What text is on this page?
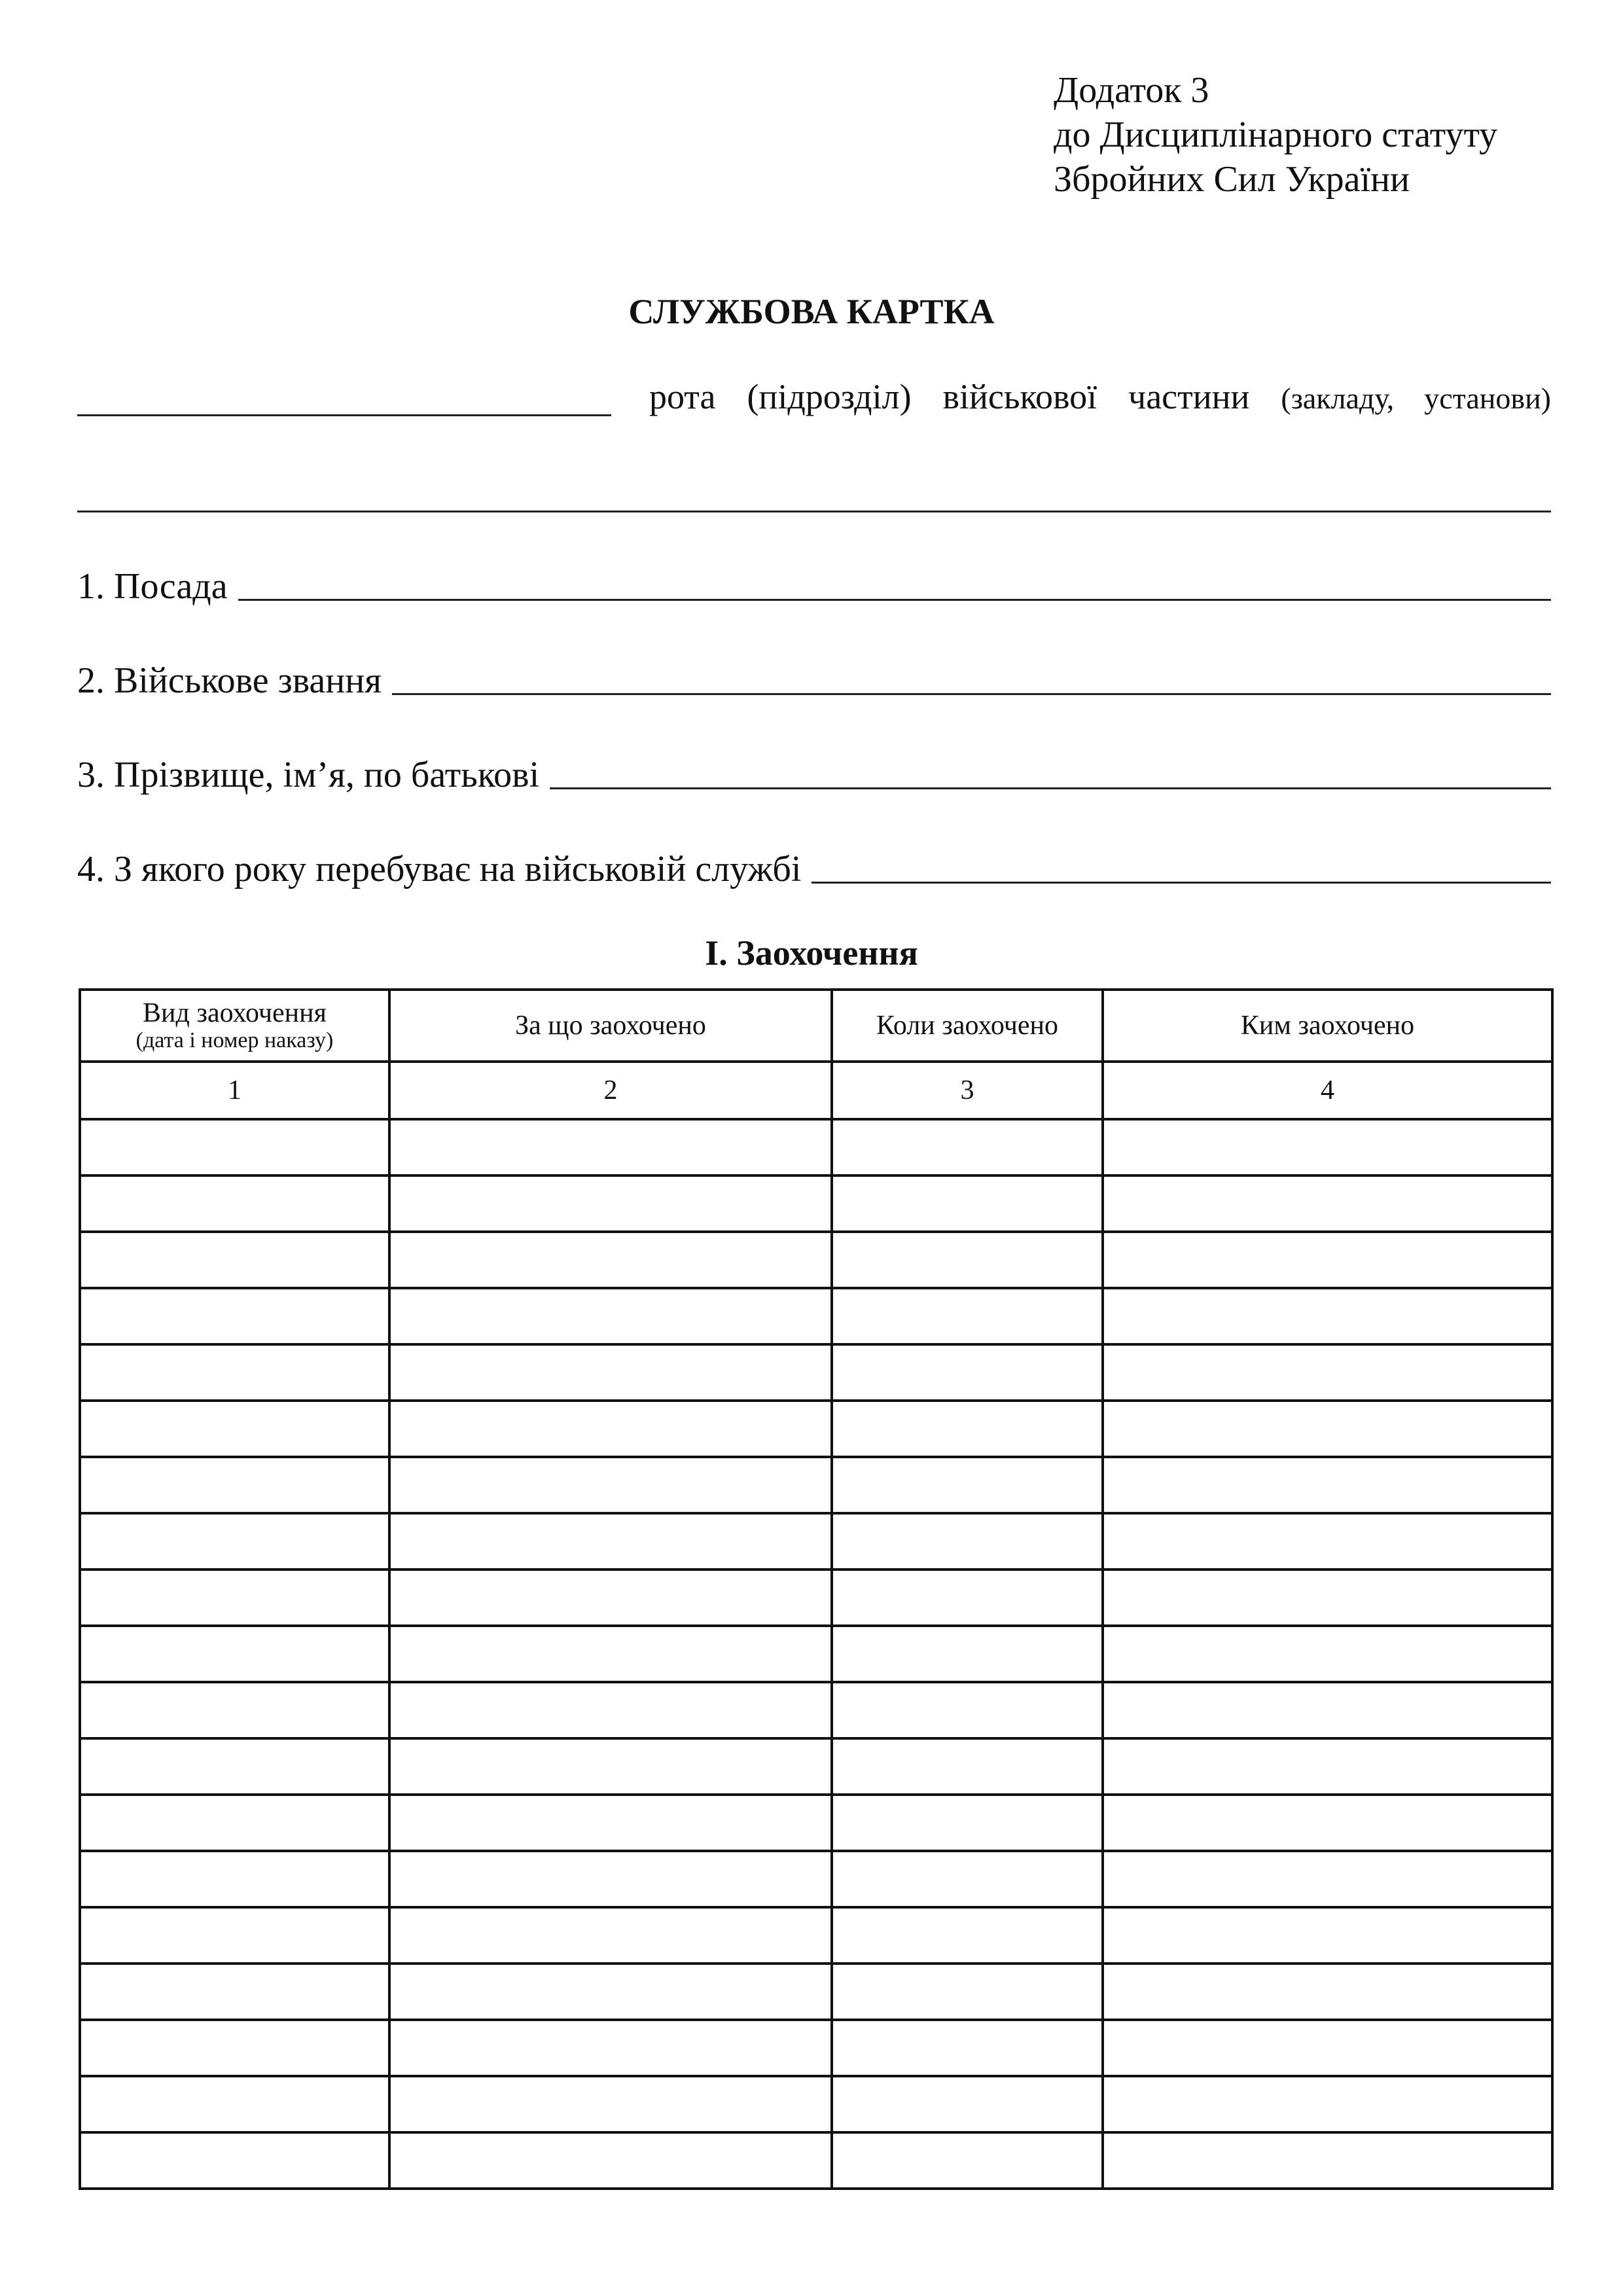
Додаток 3
до Дисциплінарного статуту
Збройних Сил України
СЛУЖБОВА КАРТКА
рота (підрозділ) військової частини (закладу, установи)
1. Посада
2. Військове звання
3. Прізвище, ім’я, по батькові
4. З якого року перебуває на військовій службі
I. Заохочення
Вид заохочення
(дата і номер наказу)	За що заохочено	Коли заохочено	Ким заохочено
1	2	3	4
